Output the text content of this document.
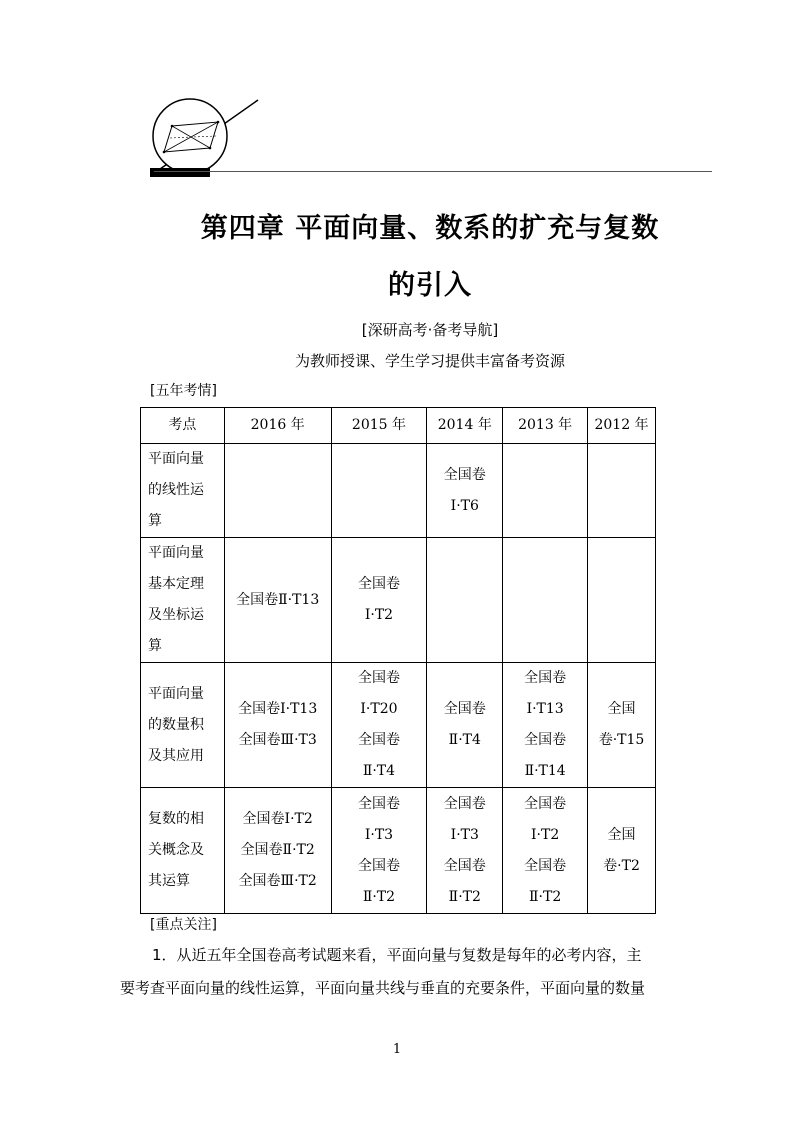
第四章 平面向量、数系的扩充与复数
的引入
[深研高考·备考导航]
为教师授课、学生学习提供丰富备考资源
[五年考情]
考点	2016 年	2015 年	2014 年	2013 年	2012 年

平面向量
的线性运
算			全国卷
Ⅰ·T6		

平面向量
基本定理
及坐标运
算	全国卷Ⅱ·T13	全国卷
Ⅰ·T2			

平面向量
的数量积
及其应用	全国卷Ⅰ·T13
全国卷Ⅲ·T3	全国卷
Ⅰ·T20
全国卷
Ⅱ·T4	全国卷
Ⅱ·T4	全国卷
Ⅰ·T13
全国卷
Ⅱ·T14	全国
卷·T15

复数的相
关概念及
其运算	全国卷Ⅰ·T2
全国卷Ⅱ·T2
全国卷Ⅲ·T2	全国卷
Ⅰ·T3
全国卷
Ⅱ·T2	全国卷
Ⅰ·T3
全国卷
Ⅱ·T2	全国卷
Ⅰ·T2
全国卷
Ⅱ·T2	全国
卷·T2
[重点关注]
1．从近五年全国卷高考试题来看，平面向量与复数是每年的必考内容，主
要考查平面向量的线性运算，平面向量共线与垂直的充要条件，平面向量的数量
1
